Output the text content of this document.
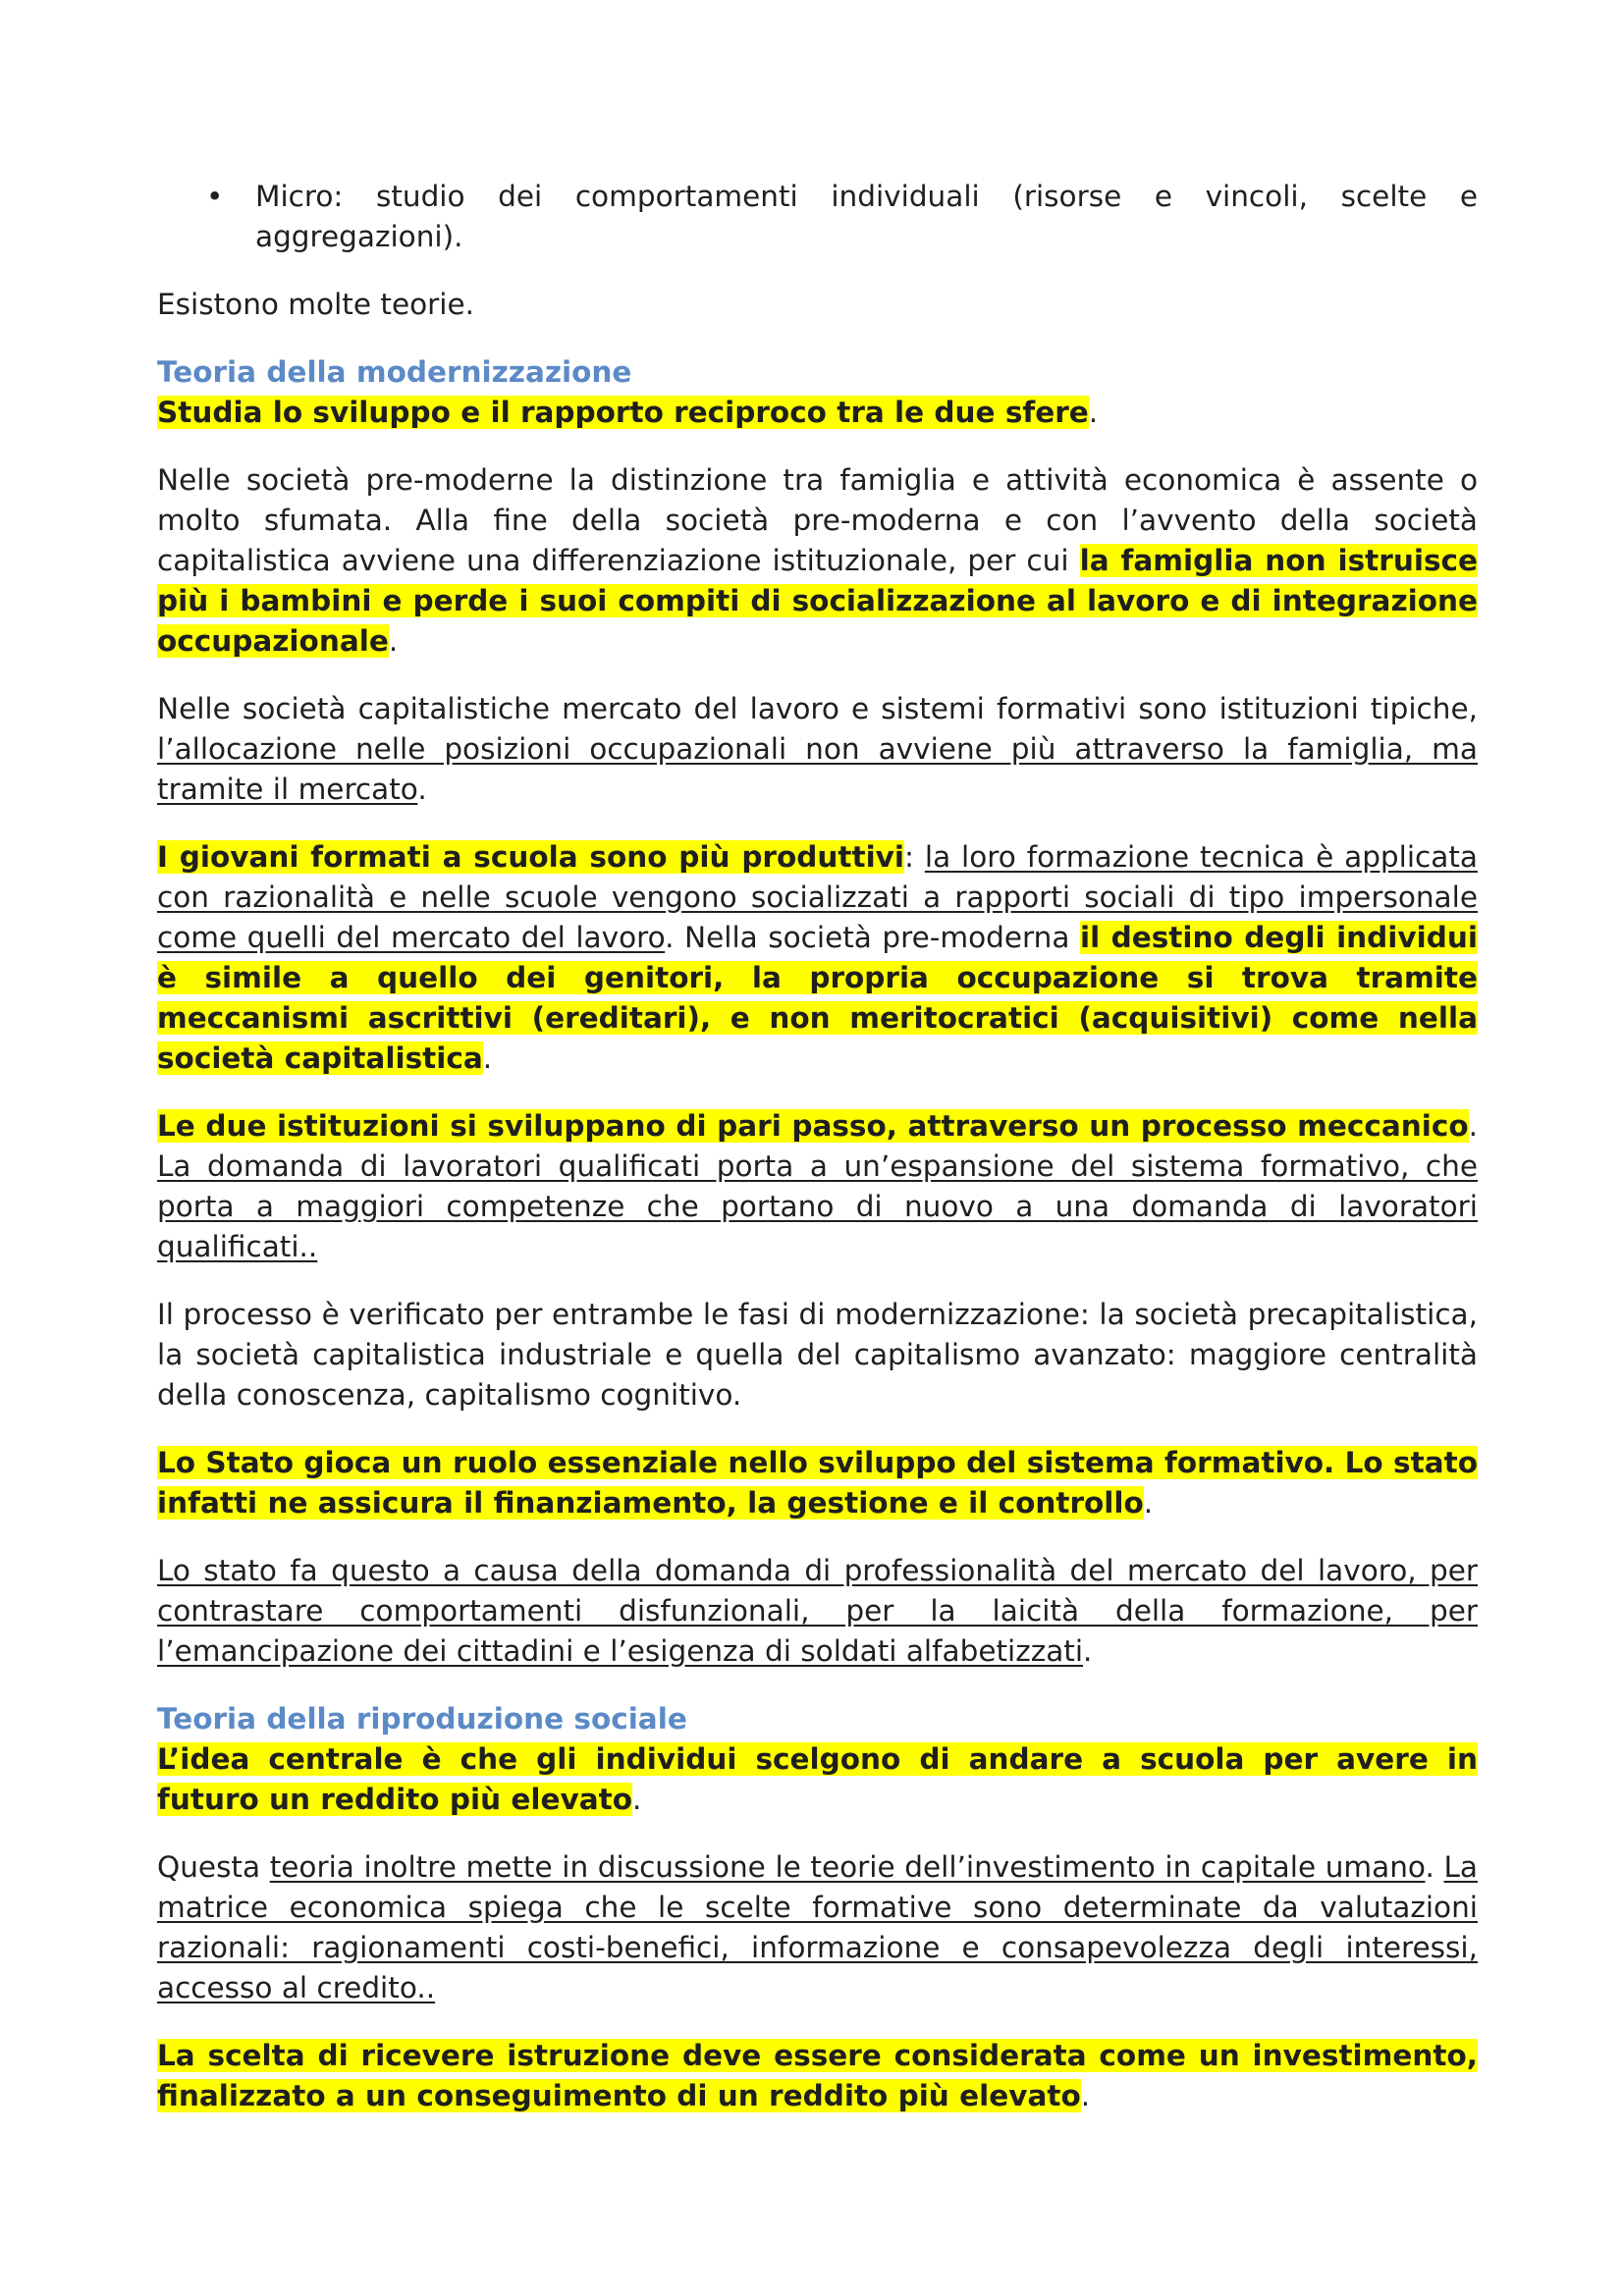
• Micro: studio dei comportamenti individuali (risorse e vincoli, scelte e aggregazioni).

Esistono molte teorie.

Teoria della modernizzazione

Studia lo sviluppo e il rapporto reciproco tra le due sfere.

Nelle società pre-moderne la distinzione tra famiglia e attività economica è assente o molto sfumata. Alla fine della società pre-moderna e con l’avvento della società capitalistica avviene una differenziazione istituzionale, per cui la famiglia non istruisce più i bambini e perde i suoi compiti di socializzazione al lavoro e di integrazione occupazionale.

Nelle società capitalistiche mercato del lavoro e sistemi formativi sono istituzioni tipiche, l’allocazione nelle posizioni occupazionali non avviene più attraverso la famiglia, ma tramite il mercato.

I giovani formati a scuola sono più produttivi: la loro formazione tecnica è applicata con razionalità e nelle scuole vengono socializzati a rapporti sociali di tipo impersonale come quelli del mercato del lavoro. Nella società pre-moderna il destino degli individui è simile a quello dei genitori, la propria occupazione si trova tramite meccanismi ascrittivi (ereditari), e non meritocratici (acquisitivi) come nella società capitalistica.

Le due istituzioni si sviluppano di pari passo, attraverso un processo meccanico. La domanda di lavoratori qualificati porta a un’espansione del sistema formativo, che porta a maggiori competenze che portano di nuovo a una domanda di lavoratori qualificati..

Il processo è verificato per entrambe le fasi di modernizzazione: la società precapitalistica, la società capitalistica industriale e quella del capitalismo avanzato: maggiore centralità della conoscenza, capitalismo cognitivo.

Lo Stato gioca un ruolo essenziale nello sviluppo del sistema formativo. Lo stato infatti ne assicura il finanziamento, la gestione e il controllo.

Lo stato fa questo a causa della domanda di professionalità del mercato del lavoro, per contrastare comportamenti disfunzionali, per la laicità della formazione, per l’emancipazione dei cittadini e l’esigenza di soldati alfabetizzati.

Teoria della riproduzione sociale

L’idea centrale è che gli individui scelgono di andare a scuola per avere in futuro un reddito più elevato.

Questa teoria inoltre mette in discussione le teorie dell’investimento in capitale umano. La matrice economica spiega che le scelte formative sono determinate da valutazioni razionali: ragionamenti costi-benefici, informazione e consapevolezza degli interessi, accesso al credito..

La scelta di ricevere istruzione deve essere considerata come un investimento, finalizzato a un conseguimento di un reddito più elevato.
